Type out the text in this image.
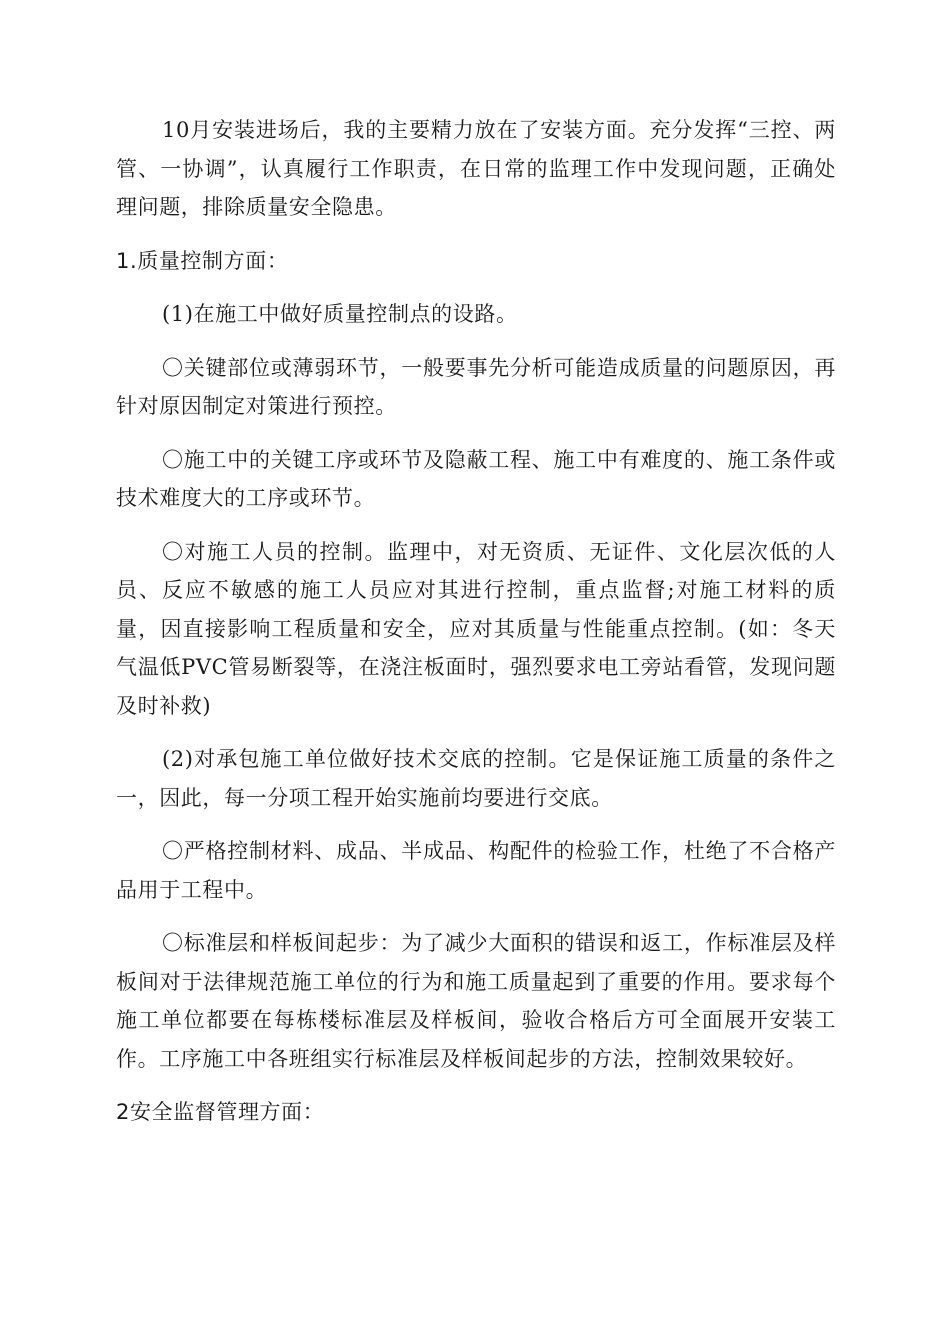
10月安装进场后，我的主要精力放在了安装方面。充分发挥“三控、两管、一协调”，认真履行工作职责，在日常的监理工作中发现问题，正确处理问题，排除质量安全隐患。

1.质量控制方面：

(1)在施工中做好质量控制点的设路。

〇关键部位或薄弱环节，一般要事先分析可能造成质量的问题原因，再针对原因制定对策进行预控。

〇施工中的关键工序或环节及隐蔽工程、施工中有难度的、施工条件或技术难度大的工序或环节。

〇对施工人员的控制。监理中，对无资质、无证件、文化层次低的人员、反应不敏感的施工人员应对其进行控制，重点监督;对施工材料的质量，因直接影响工程质量和安全，应对其质量与性能重点控制。(如：冬天气温低PVC管易断裂等，在浇注板面时，强烈要求电工旁站看管，发现问题及时补救)

(2)对承包施工单位做好技术交底的控制。它是保证施工质量的条件之一，因此，每一分项工程开始实施前均要进行交底。

〇严格控制材料、成品、半成品、构配件的检验工作，杜绝了不合格产品用于工程中。

〇标准层和样板间起步：为了减少大面积的错误和返工，作标准层及样板间对于法律规范施工单位的行为和施工质量起到了重要的作用。要求每个施工单位都要在每栋楼标准层及样板间，验收合格后方可全面展开安装工作。工序施工中各班组实行标准层及样板间起步的方法，控制效果较好。

2安全监督管理方面：
